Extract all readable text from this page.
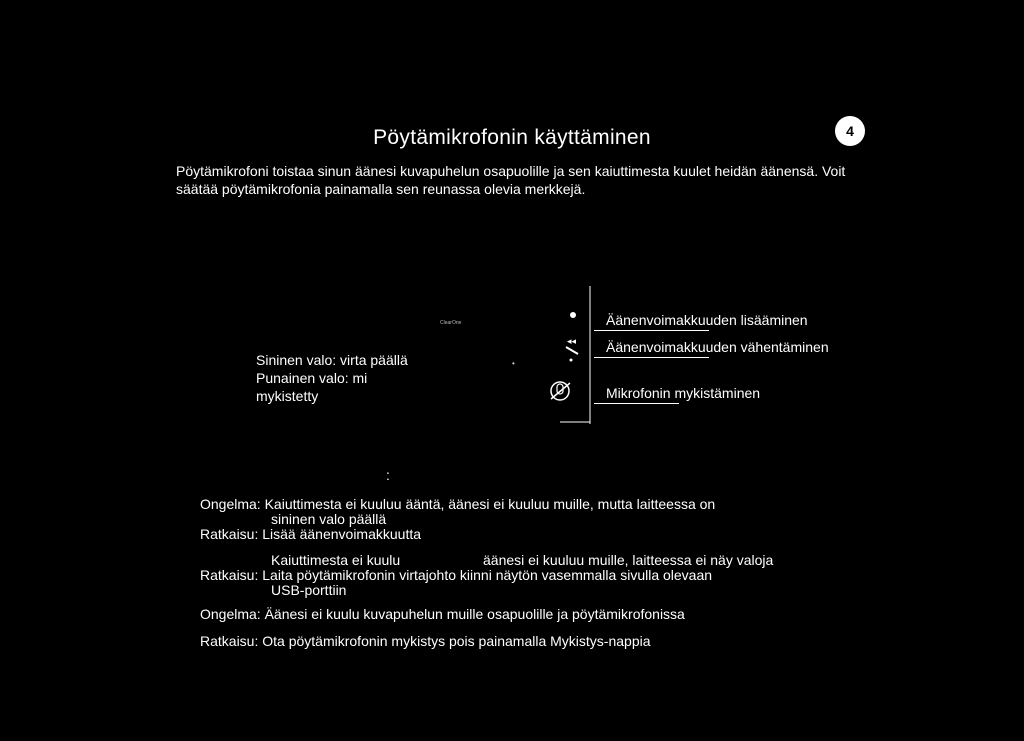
Pöytämikrofonin käyttäminen	4
Pöytämikrofoni toistaa sinun äänesi kuvapuhelun osapuolille ja sen kaiuttimesta kuulet heidän äänensä. Voit säätää pöytämikrofonia painamalla sen reunassa olevia merkkejä.
Sininen valo: virta päällä
Punainen valo: mi
mykistetty
ClearOne
•
◂◂
Äänenvoimakkuuden lisääminen
Äänenvoimakkuuden vähentäminen
Mikrofonin mykistäminen
:
Ongelma: Kaiuttimesta ei kuuluu ääntä, äänesi ei kuuluu muille, mutta laitteessa on
sininen valo päällä
Ratkaisu: Lisää äänenvoimakkuutta
Kaiuttimesta ei kuulu	äänesi ei kuuluu muille, laitteessa ei näy valoja
Ratkaisu: Laita pöytämikrofonin virtajohto kiinni näytön vasemmalla sivulla olevaan
USB-porttiin
Ongelma: Äänesi ei kuulu kuvapuhelun muille osapuolille ja pöytämikrofonissa
Ratkaisu: Ota pöytämikrofonin mykistys pois painamalla Mykistys-nappia
